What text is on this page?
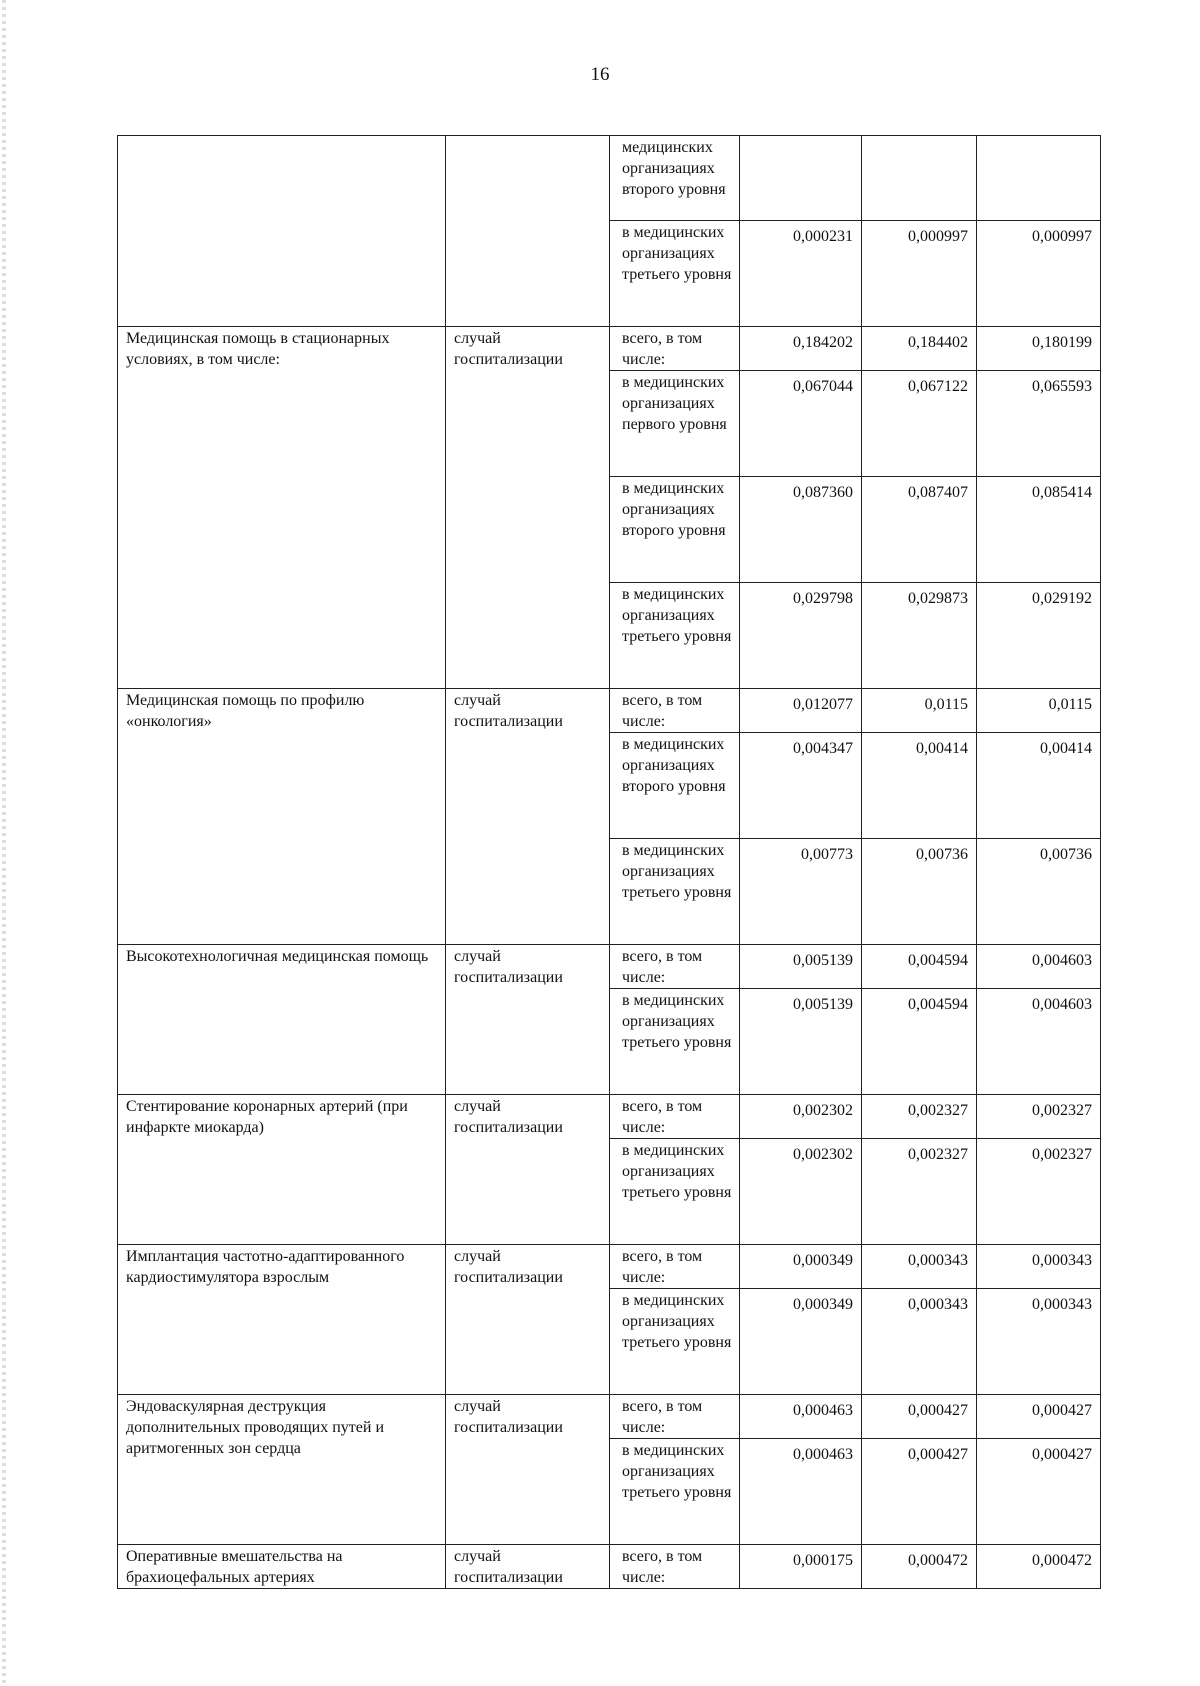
16
		медицинских организациях второго уровня			
		в медицинских организациях третьего уровня	0,000231	0,000997	0,000997
Медицинская помощь в стационарных условиях, в том числе:	случай госпитализации	всего, в том числе:	0,184202	0,184402	0,180199
		в медицинских организациях первого уровня	0,067044	0,067122	0,065593
		в медицинских организациях второго уровня	0,087360	0,087407	0,085414
		в медицинских организациях третьего уровня	0,029798	0,029873	0,029192
Медицинская помощь по профилю «онкология»	случай госпитализации	всего, в том числе:	0,012077	0,0115	0,0115
		в медицинских организациях второго уровня	0,004347	0,00414	0,00414
		в медицинских организациях третьего уровня	0,00773	0,00736	0,00736
Высокотехнологичная медицинская помощь	случай госпитализации	всего, в том числе:	0,005139	0,004594	0,004603
		в медицинских организациях третьего уровня	0,005139	0,004594	0,004603
Стентирование коронарных артерий (при инфаркте миокарда)	случай госпитализации	всего, в том числе:	0,002302	0,002327	0,002327
		в медицинских организациях третьего уровня	0,002302	0,002327	0,002327
Имплантация частотно-адаптированного кардиостимулятора взрослым	случай госпитализации	всего, в том числе:	0,000349	0,000343	0,000343
		в медицинских организациях третьего уровня	0,000349	0,000343	0,000343
Эндоваскулярная деструкция дополнительных проводящих путей и аритмогенных зон сердца	случай госпитализации	всего, в том числе:	0,000463	0,000427	0,000427
		в медицинских организациях третьего уровня	0,000463	0,000427	0,000427
Оперативные вмешательства на брахиоцефальных артериях	случай госпитализации	всего, в том числе:	0,000175	0,000472	0,000472
